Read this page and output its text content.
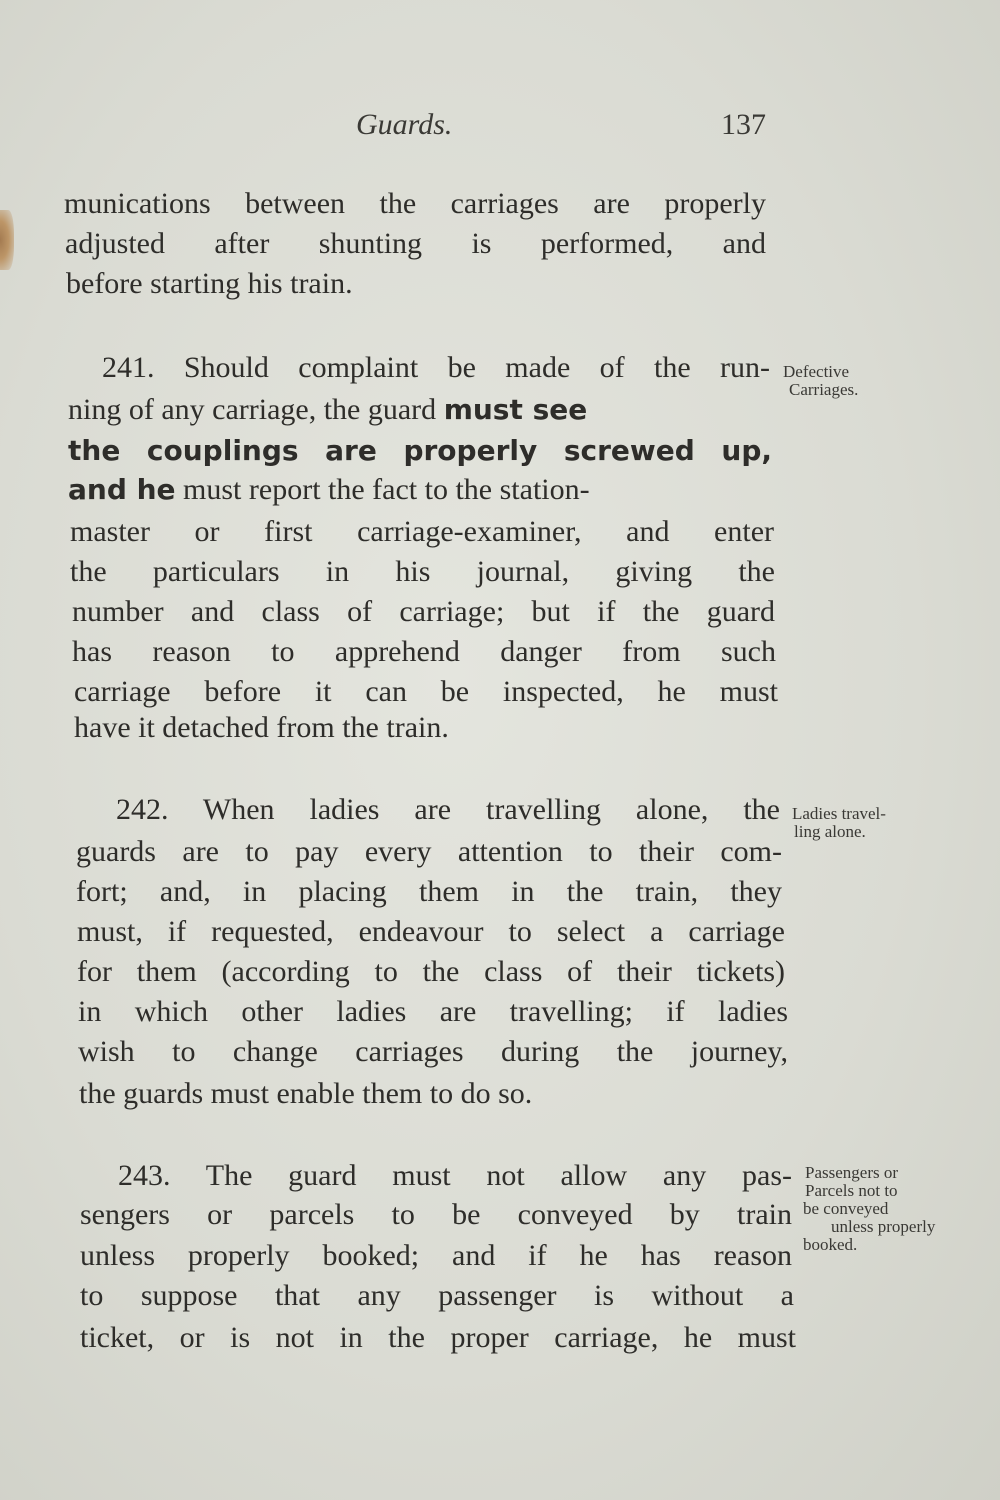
Guards.	137
munications between the carriages are properly
adjusted after shunting is performed, and
before starting his train.
241. Should complaint be made of the run-
ning of any carriage, the guard must see
the couplings are properly screwed up,
and he must report the fact to the station-
master or first carriage-examiner, and enter
the particulars in his journal, giving the
number and class of carriage; but if the guard
has reason to apprehend danger from such
carriage before it can be inspected, he must
have it detached from the train.
Defective
Carriages.
242. When ladies are travelling alone, the
guards are to pay every attention to their com-
fort; and, in placing them in the train, they
must, if requested, endeavour to select a carriage
for them (according to the class of their tickets)
in which other ladies are travelling; if ladies
wish to change carriages during the journey,
the guards must enable them to do so.
Ladies travel-
ling alone.
243. The guard must not allow any pas-
sengers or parcels to be conveyed by train
unless properly booked; and if he has reason
to suppose that any passenger is without a
ticket, or is not in the proper carriage, he must
Passengers or
Parcels not to
be conveyed
unless properly
booked.
